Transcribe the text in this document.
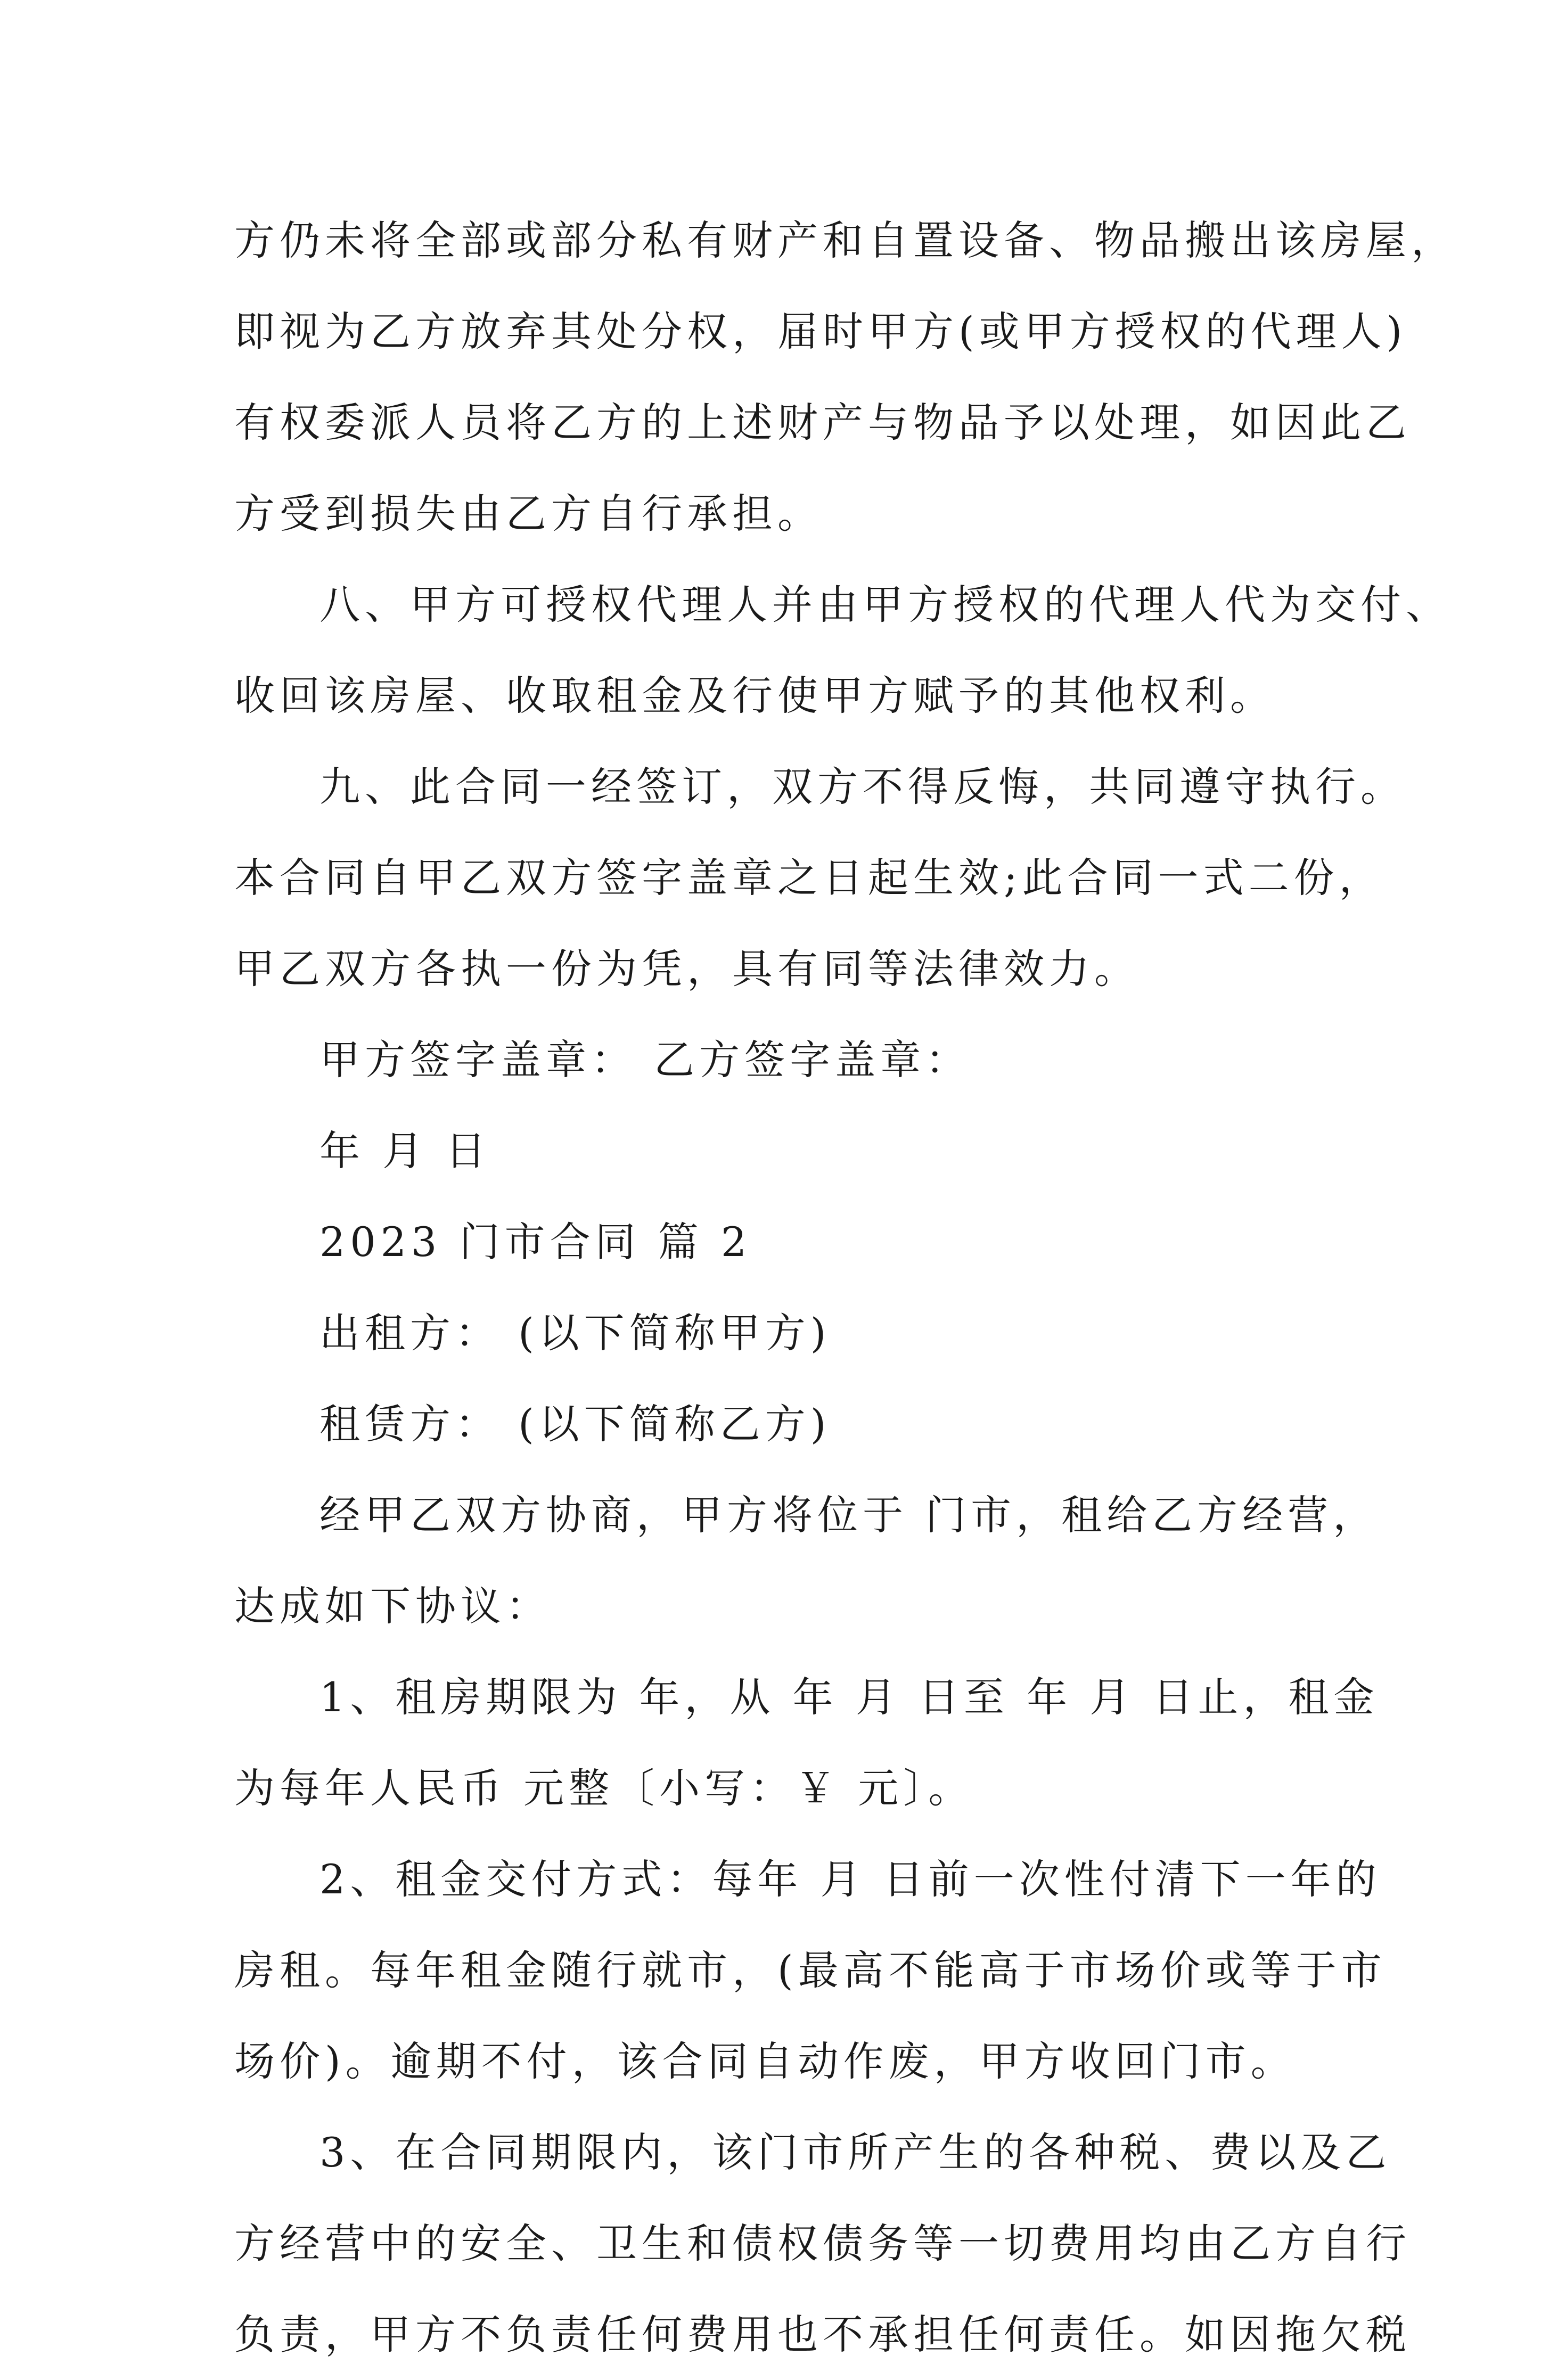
方仍未将全部或部分私有财产和自置设备、物品搬出该房屋，
即视为乙方放弃其处分权，届时甲方(或甲方授权的代理人)
有权委派人员将乙方的上述财产与物品予以处理，如因此乙
方受到损失由乙方自行承担。
八、甲方可授权代理人并由甲方授权的代理人代为交付、
收回该房屋、收取租金及行使甲方赋予的其他权利。
九、此合同一经签订，双方不得反悔，共同遵守执行。
本合同自甲乙双方签字盖章之日起生效;此合同一式二份，
甲乙双方各执一份为凭，具有同等法律效力。
甲方签字盖章： 乙方签字盖章：
年 月 日
2023 门市合同 篇 2
出租方： (以下简称甲方)
租赁方： (以下简称乙方)
经甲乙双方协商，甲方将位于 门市，租给乙方经营，
达成如下协议：
1、租房期限为 年，从 年 月 日至 年 月 日止，租金
为每年人民币 元整〔小写：￥ 元〕。
2、租金交付方式：每年 月 日前一次性付清下一年的
房租。每年租金随行就市，(最高不能高于市场价或等于市
场价)。逾期不付，该合同自动作废，甲方收回门市。
3、在合同期限内，该门市所产生的各种税、费以及乙
方经营中的安全、卫生和债权债务等一切费用均由乙方自行
负责，甲方不负责任何费用也不承担任何责任。如因拖欠税
